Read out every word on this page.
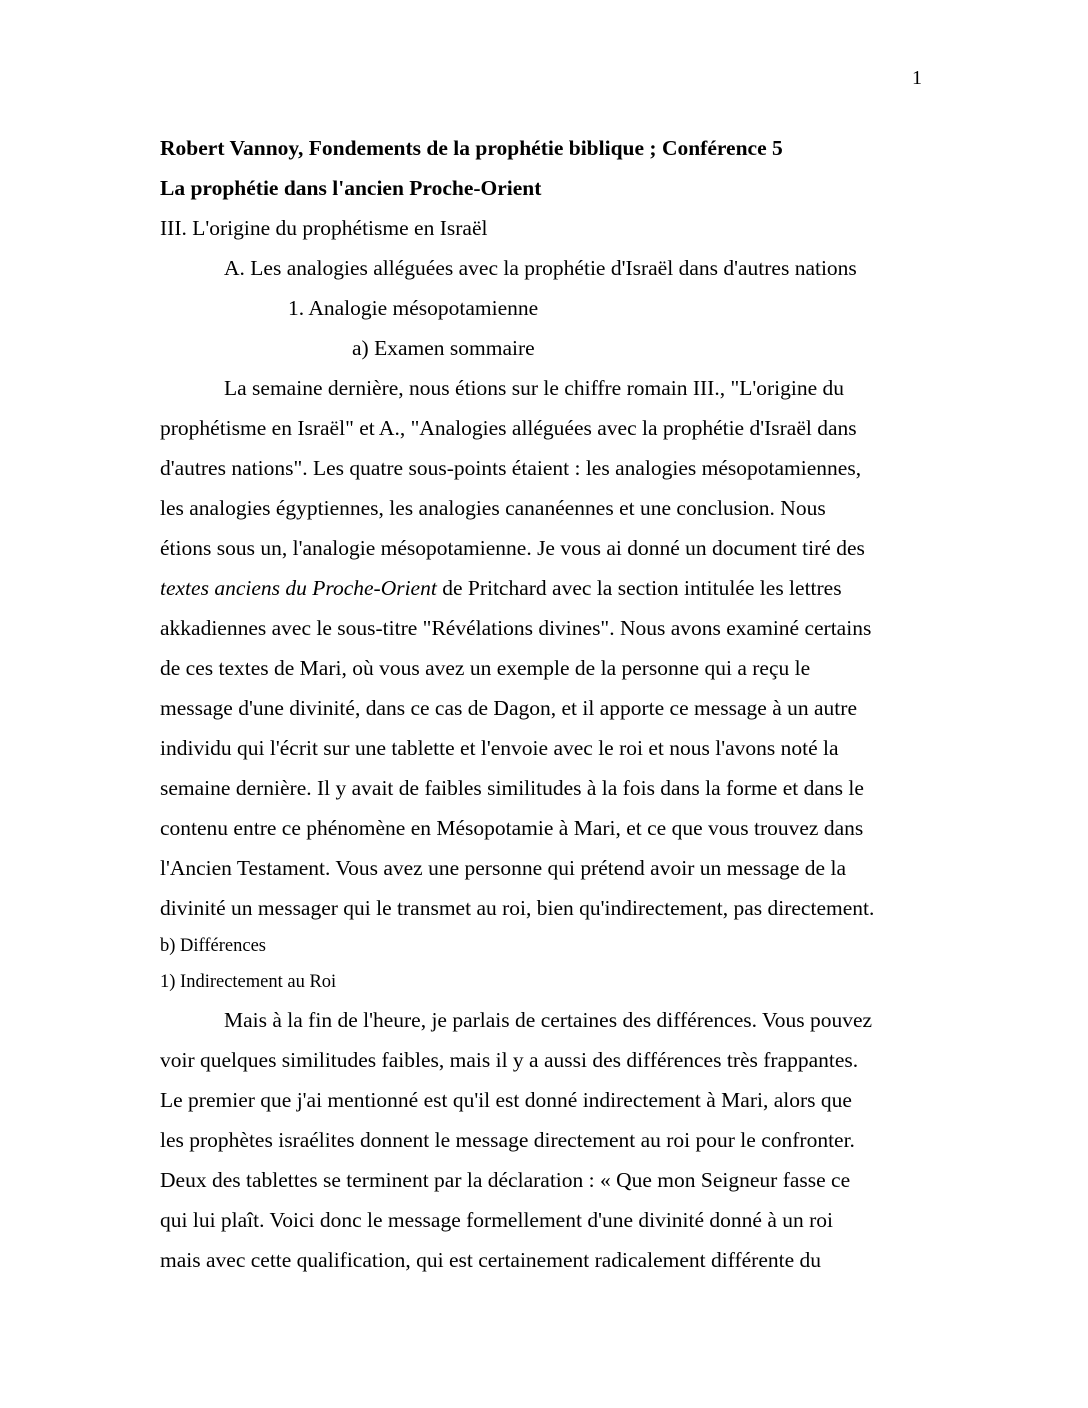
1
Robert Vannoy, Fondements de la prophétie biblique ; Conférence 5
La prophétie dans l'ancien Proche-Orient
III. L'origine du prophétisme en Israël
A. Les analogies alléguées avec la prophétie d'Israël dans d'autres nations
1. Analogie mésopotamienne
a) Examen sommaire
La semaine dernière, nous étions sur le chiffre romain III., "L'origine du
prophétisme en Israël" et A., "Analogies alléguées avec la prophétie d'Israël dans
d'autres nations". Les quatre sous-points étaient : les analogies mésopotamiennes,
les analogies égyptiennes, les analogies cananéennes et une conclusion. Nous
étions sous un, l'analogie mésopotamienne. Je vous ai donné un document tiré des
textes anciens du Proche-Orient de Pritchard avec la section intitulée les lettres
akkadiennes avec le sous-titre "Révélations divines". Nous avons examiné certains
de ces textes de Mari, où vous avez un exemple de la personne qui a reçu le
message d'une divinité, dans ce cas de Dagon, et il apporte ce message à un autre
individu qui l'écrit sur une tablette et l'envoie avec le roi et nous l'avons noté la
semaine dernière. Il y avait de faibles similitudes à la fois dans la forme et dans le
contenu entre ce phénomène en Mésopotamie à Mari, et ce que vous trouvez dans
l'Ancien Testament. Vous avez une personne qui prétend avoir un message de la
divinité un messager qui le transmet au roi, bien qu'indirectement, pas directement.
b) Différences
1) Indirectement au Roi
Mais à la fin de l'heure, je parlais de certaines des différences. Vous pouvez
voir quelques similitudes faibles, mais il y a aussi des différences très frappantes.
Le premier que j'ai mentionné est qu'il est donné indirectement à Mari, alors que
les prophètes israélites donnent le message directement au roi pour le confronter.
Deux des tablettes se terminent par la déclaration : « Que mon Seigneur fasse ce
qui lui plaît. Voici donc le message formellement d'une divinité donné à un roi
mais avec cette qualification, qui est certainement radicalement différente du
